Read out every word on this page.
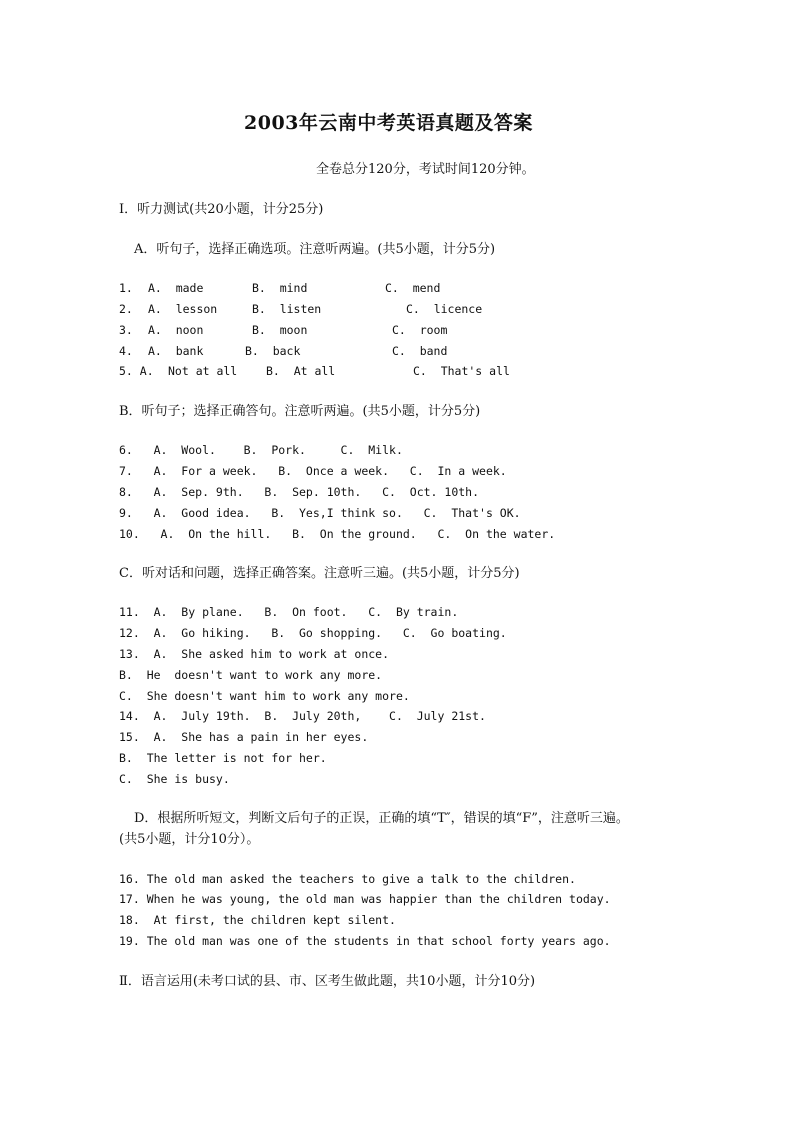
2003年云南中考英语真题及答案
全卷总分120分，考试时间120分钟。
I．听力测试(共20小题，计分25分)
A．听句子，选择正确选项。注意听两遍。(共5小题，计分5分)
1. A.  made	B.  mind	C.  mend
2. A.  lesson	B.  listen	C.  licence
3. A.  noon	B.  moon	C.  room
4. A.  bank	B.  back	C.  band
5. A. Not at all	B.  At all	C.  That's all
B．听句子；选择正确答句。注意听两遍。(共5小题，计分5分)
6.   A.  Wool.    B.  Pork.     C.  Milk.
7.   A.  For a week.   B.  Once a week.   C.  In a week.
8.   A.  Sep. 9th.   B.  Sep. 10th.   C.  Oct. 10th.
9.   A.  Good idea.   B.  Yes,I think so.   C.  That's OK.
10.   A.  On the hill.   B.  On the ground.   C.  On the water.
C．听对话和问题，选择正确答案。注意听三遍。(共5小题，计分5分)
11.  A.  By plane.   B.  On foot.   C.  By train.
12.  A.  Go hiking.   B.  Go shopping.   C.  Go boating.
13.  A.  She asked him to work at once.
B.  He  doesn't want to work any more.
C.  She doesn't want him to work any more.
14.  A.  July 19th.  B.  July 20th,    C.  July 21st.
15.  A.  She has a pain in her eyes.
B.  The letter is not for her.
C.  She is busy.
D．根据所听短文，判断文后句子的正误，正确的填“T″，错误的填“F”，注意听三遍。
(共5小题，计分10分）。
16. The old man asked the teachers to give a talk to the children.
17. When he was young, the old man was happier than the children today.
18.  At first, the children kept silent.
19. The old man was one of the students in that school forty years ago.
Ⅱ．语言运用(未考口试的县、市、区考生做此题，共10小题，计分10分)
